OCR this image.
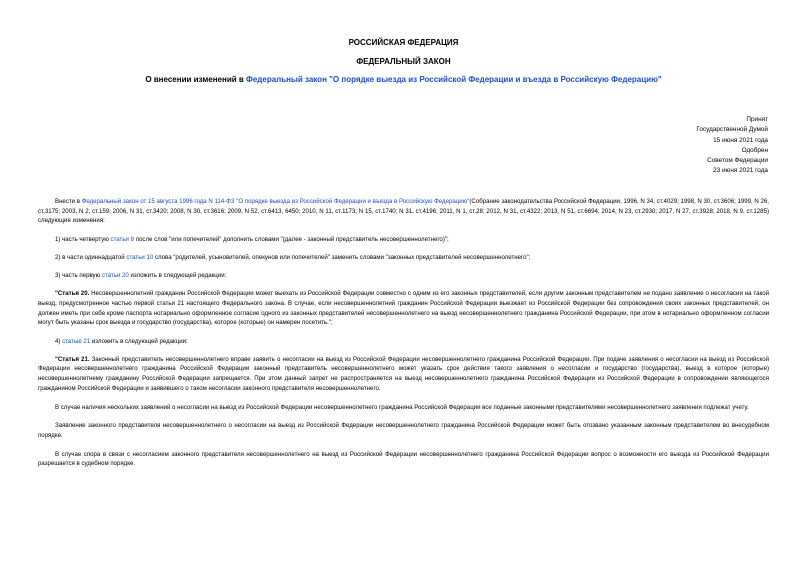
РОССИЙСКАЯ ФЕДЕРАЦИЯ
ФЕДЕРАЛЬНЫЙ ЗАКОН
О внесении изменений в Федеральный закон "О порядке выезда из Российской Федерации и въезда в Российскую Федерацию"
Принят
Государственной Думой
15 июня 2021 года
Одобрен
Советом Федерации
23 июня 2021 года

Внести в Федеральный закон от 15 августа 1996 года N 114-ФЗ "О порядке выезда из Российской Федерации и въезда в Российскую Федерацию"(Собрание законодательства Российской Федерации, 1996, N 34, ст.4029; 1998, N 30, ст.3606; 1999, N 26, ст.3175; 2003, N 2, ст.159; 2006, N 31, ст.3420; 2008, N 30, ст.3616; 2009, N 52, ст.6413, 6450; 2010, N 11, ст.1173; N 15, ст.1740; N 31, ст.4196; 2011, N 1, ст.28; 2012, N 31, ст.4322; 2013, N 51, ст.6694; 2014, N 23, ст.2930; 2017, N 27, ст.3928; 2018, N 9, ст.1285) следующие изменения:

1) часть четвертую статьи 8 после слов "или попечителей" дополнить словами "(далее - законный представитель несовершеннолетнего)";

2) в части одиннадцатой статьи 10 слова "родителей, усыновителей, опекунов или попечителей" заменить словами "законных представителей несовершеннолетнего";

3) часть первую статьи 20 изложить в следующей редакции:

"Статья 20. Несовершеннолетний гражданин Российской Федерации может выехать из Российской Федерации совместно с одним из его законных представителей, если другим законным представителем не подано заявление о несогласии на такой выезд, предусмотренное частью первой статьи 21 настоящего Федерального закона. В случае, если несовершеннолетний гражданин Российской Федерации выезжает из Российской Федерации без сопровождения своих законных представителей, он должен иметь при себе кроме паспорта нотариально оформленное согласие одного из законных представителей несовершеннолетнего на выезд несовершеннолетнего гражданина Российской Федерации, при этом в нотариально оформленном согласии могут быть указаны срок выезда и государство (государства), которое (которые) он намерен посетить.";

4) статью 21 изложить в следующей редакции:

"Статья 21. Законный представитель несовершеннолетнего вправе заявить о несогласии на выезд из Российской Федерации несовершеннолетнего гражданина Российской Федерации. При подаче заявления о несогласии на выезд из Российской Федерации несовершеннолетнего гражданина Российской Федерации законный представитель несовершеннолетнего может указать срок действия такого заявления о несогласии и государство (государства), выезд в которое (которые) несовершеннолетнему гражданину Российской Федерации запрещается. При этом данный запрет не распространяется на выезд несовершеннолетнего гражданина Российской Федерации из Российской Федерации в сопровождении являющегося гражданином Российской Федерации и заявившего о таком несогласии законного представителя несовершеннолетнего.

В случае наличия нескольких заявлений о несогласии на выезд из Российской Федерации несовершеннолетнего гражданина Российской Федерации все поданные законными представителями несовершеннолетнего заявления подлежат учету.

Заявление законного представителя несовершеннолетнего о несогласии на выезд из Российской Федерации несовершеннолетнего гражданина Российской Федерации может быть отозвано указанным законным представителем во внесудебном порядке.

В случае спора в связи с несогласием законного представителя несовершеннолетнего на выезд из Российской Федерации несовершеннолетнего гражданина Российской Федерации вопрос о возможности его выезда из Российской Федерации разрешается в судебном порядке.
